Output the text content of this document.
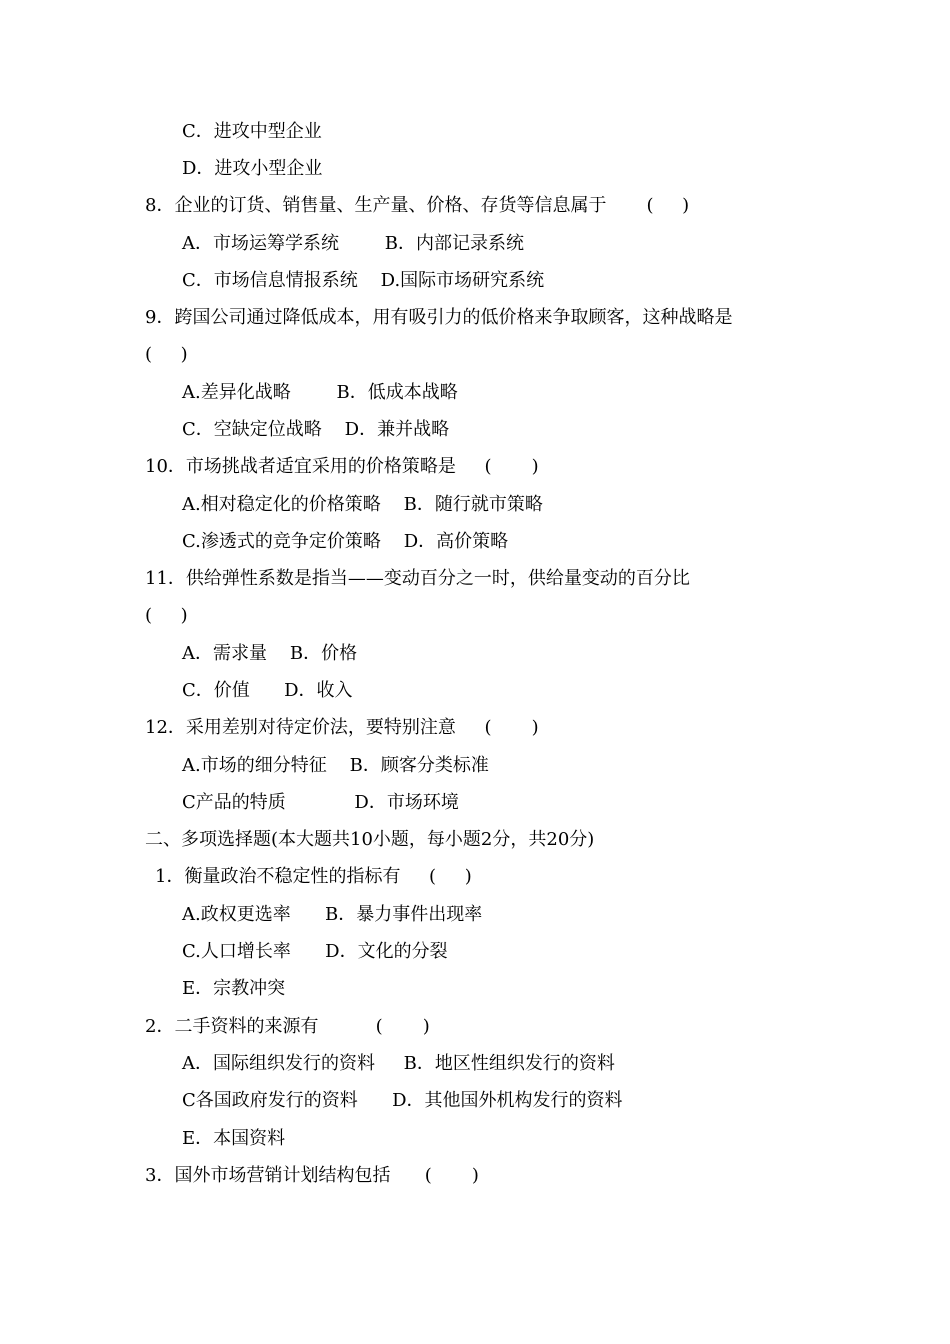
C．进攻中型企业
D．进攻小型企业
8．企业的订货、销售量、生产量、价格、存货等信息属于       (     )
A．市场运筹学系统        B．内部记录系统
C．市场信息情报系统    D.国际市场研究系统
9．跨国公司通过降低成本，用有吸引力的低价格来争取顾客，这种战略是
(     )
A.差异化战略        B．低成本战略
C．空缺定位战略    D．兼并战略
10．市场挑战者适宜采用的价格策略是     (       )
A.相对稳定化的价格策略    B．随行就市策略
C.渗透式的竞争定价策略    D．高价策略
11．供给弹性系数是指当——变动百分之一时，供给量变动的百分比
(     )
A．需求量    B．价格
C．价值      D．收入
12．采用差别对待定价法，要特别注意     (       )
A.市场的细分特征    B．顾客分类标准
C产品的特质            D．市场环境
二、多项选择题(本大题共10小题，每小题2分，共20分)
1．衡量政治不稳定性的指标有     (     )
A.政权更选率      B．暴力事件出现率
C.人口增长率      D．文化的分裂
E．宗教冲突
2．二手资料的来源有          (       )
A．国际组织发行的资料     B．地区性组织发行的资料
C各国政府发行的资料      D．其他国外机构发行的资料
E．本国资料
3．国外市场营销计划结构包括      (       )
